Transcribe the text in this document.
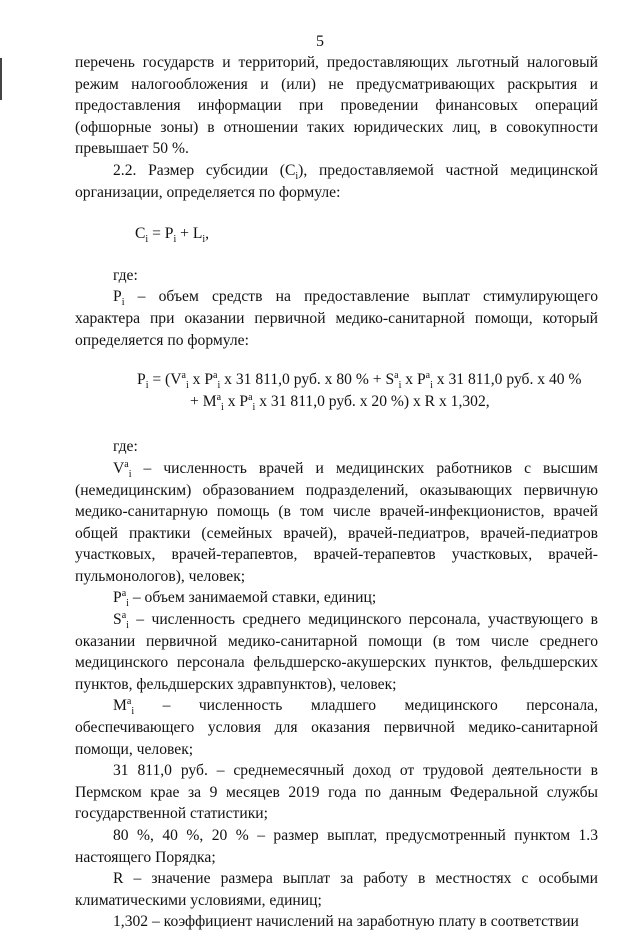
5

перечень государств и территорий, предоставляющих льготный налоговый режим налогообложения и (или) не предусматривающих раскрытия и предоставления информации при проведении финансовых операций (офшорные зоны) в отношении таких юридических лиц, в совокупности превышает 50 %.

2.2. Размер субсидии $(C_i)$, предоставляемой частной медицинской организации, определяется по формуле:

$C_i = P_i + L_i$,

где:

$P_i$ – объем средств на предоставление выплат стимулирующего характера при оказании первичной медико-санитарной помощи, который определяется по формуле:

$P_i = (V^a_i$ x $P^a_i$ x 31 811,0 руб. x 80 % + $S^a_i$ x $P^a_i$ x 31 811,0 руб. x 40 %
+ $M^a_i$ x $P^a_i$ x 31 811,0 руб. x 20 %) x R x 1,302,

где:

$V^a_i$ – численность врачей и медицинских работников с высшим (немедицинским) образованием подразделений, оказывающих первичную медико-санитарную помощь (в том числе врачей-инфекционистов, врачей общей практики (семейных врачей), врачей-педиатров, врачей-педиатров участковых, врачей-терапевтов, врачей-терапевтов участковых, врачей-пульмонологов), человек;

$P^a_i$ – объем занимаемой ставки, единиц;

$S^a_i$ – численность среднего медицинского персонала, участвующего в оказании первичной медико-санитарной помощи (в том числе среднего медицинского персонала фельдшерско-акушерских пунктов, фельдшерских пунктов, фельдшерских здравпунктов), человек;

$M^a_i$ – численность младшего медицинского персонала, обеспечивающего условия для оказания первичной медико-санитарной помощи, человек;

31 811,0 руб. – среднемесячный доход от трудовой деятельности в Пермском крае за 9 месяцев 2019 года по данным Федеральной службы государственной статистики;

80 %, 40 %, 20 % – размер выплат, предусмотренный пунктом 1.3 настоящего Порядка;

R – значение размера выплат за работу в местностях с особыми климатическими условиями, единиц;

1,302 – коэффициент начислений на заработную плату в соответствии
